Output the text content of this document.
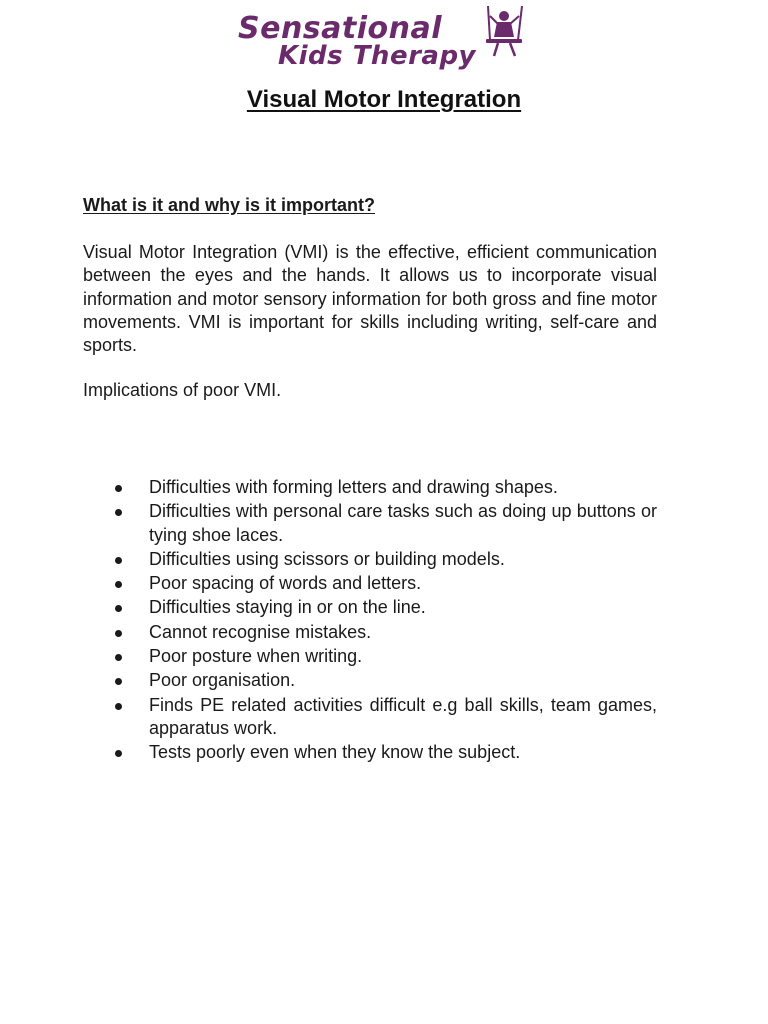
Sensational
Kids Therapy
Visual Motor Integration
What is it and why is it important?

Visual Motor Integration (VMI) is the effective, efficient communication between the eyes and the hands. It allows us to incorporate visual information and motor sensory information for both gross and fine motor movements. VMI is important for skills including writing, self-care and sports.

Implications of poor VMI.
Difficulties with forming letters and drawing shapes.
Difficulties with personal care tasks such as doing up buttons or tying shoe laces.
Difficulties using scissors or building models.
Poor spacing of words and letters.
Difficulties staying in or on the line.
Cannot recognise mistakes.
Poor posture when writing.
Poor organisation.
Finds PE related activities difficult e.g ball skills, team games, apparatus work.
Tests poorly even when they know the subject.
